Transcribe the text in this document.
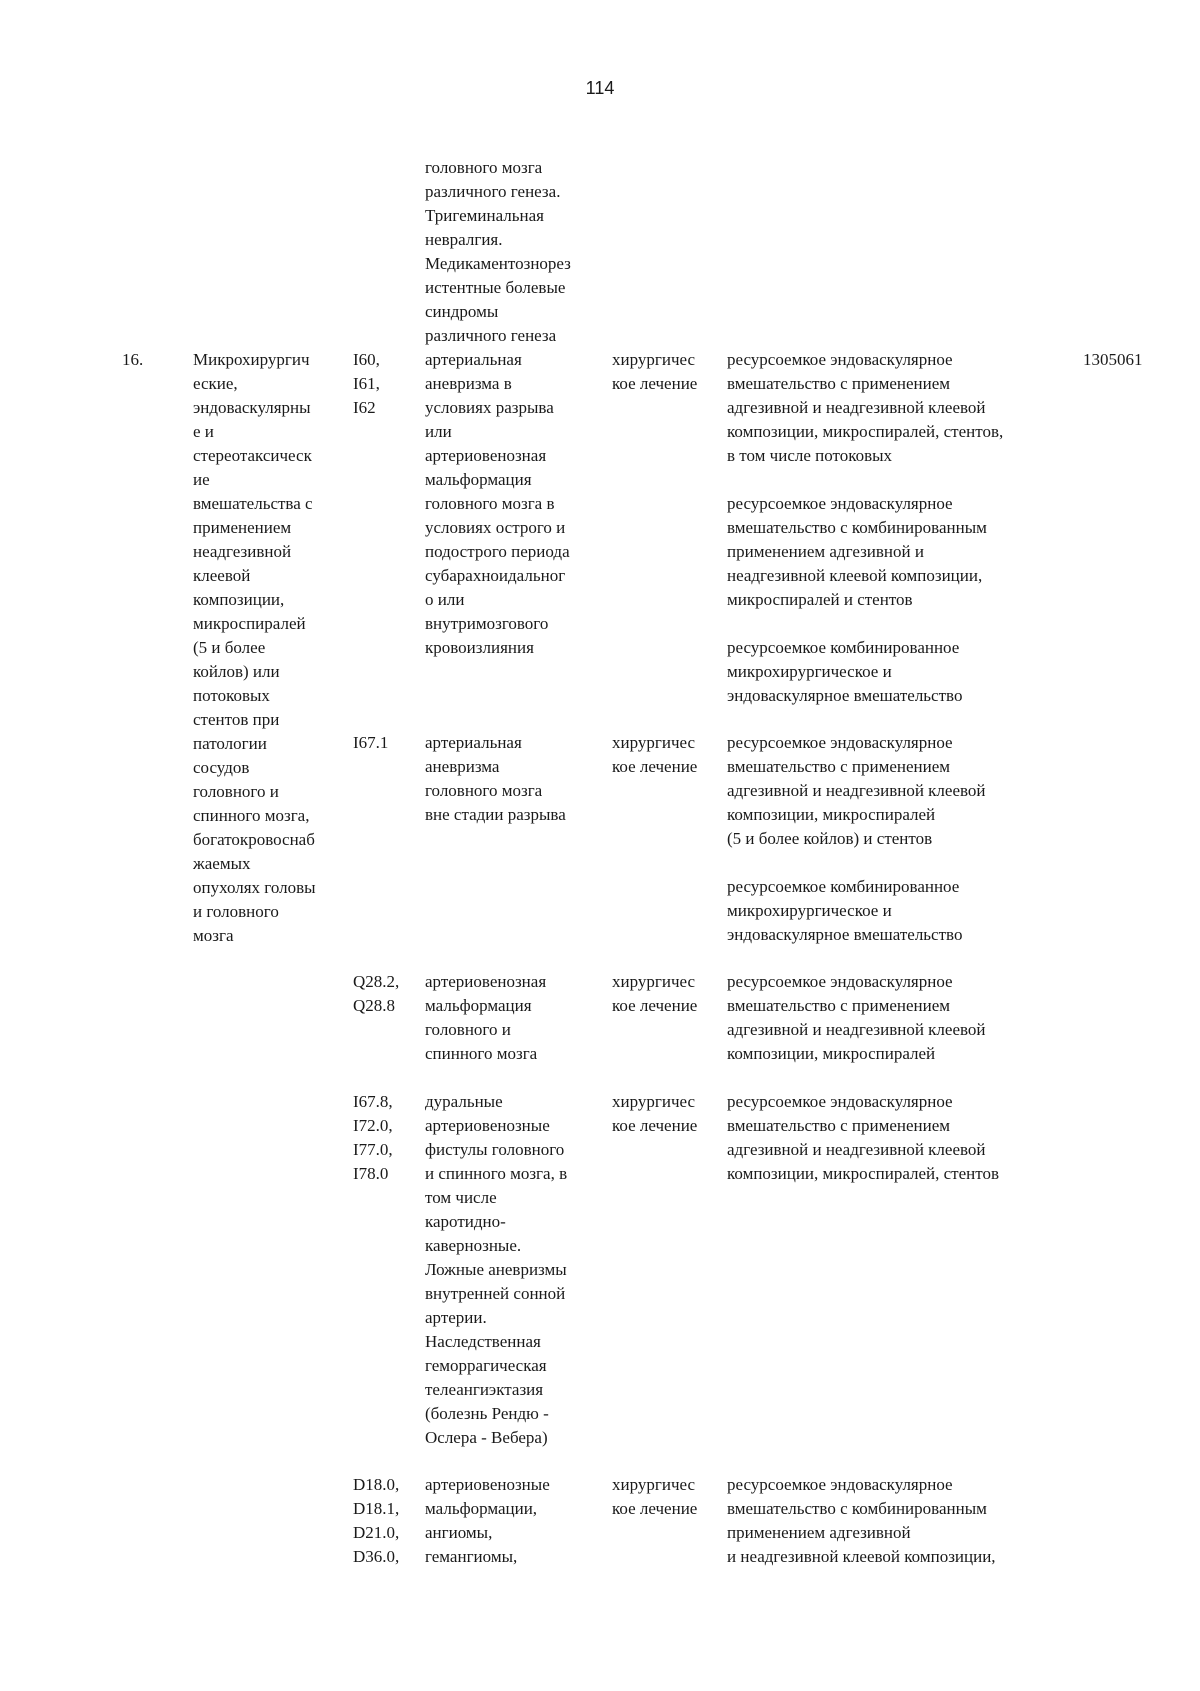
114
головного мозга
различного генеза.
Тригеминальная
невралгия.
Медикаментознорез
истентные болевые
синдромы
различного генеза
16.	Микрохирургич
еские,
эндоваскулярны
е и
стереотаксическ
ие
вмешательства с
применением
неадгезивной
клеевой
композиции,
микроспиралей
(5 и более
койлов) или
потоковых
стентов при
патологии
сосудов
головного и
спинного мозга,
богатокровоснаб
жаемых
опухолях головы
и головного
мозга
1305061
I60,
I61,
I62
артериальная
аневризма в
условиях разрыва
или
артериовенозная
мальформация
головного мозга в
условиях острого и
подострого периода
субарахноидальног
о или
внутримозгового
кровоизлияния
хирургичес
кое лечение
ресурсоемкое эндоваскулярное
вмешательство с применением
адгезивной и неадгезивной клеевой
композиции, микроспиралей, стентов,
в том числе потоковых
ресурсоемкое эндоваскулярное
вмешательство с комбинированным
применением адгезивной и
неадгезивной клеевой композиции,
микроспиралей и стентов
ресурсоемкое комбинированное
микрохирургическое и
эндоваскулярное вмешательство
I67.1	артериальная
аневризма
головного мозга
вне стадии разрыва
хирургичес
кое лечение
ресурсоемкое эндоваскулярное
вмешательство с применением
адгезивной и неадгезивной клеевой
композиции, микроспиралей
(5 и более койлов) и стентов
ресурсоемкое комбинированное
микрохирургическое и
эндоваскулярное вмешательство
Q28.2,
Q28.8
артериовенозная
мальформация
головного и
спинного мозга
хирургичес
кое лечение
ресурсоемкое эндоваскулярное
вмешательство с применением
адгезивной и неадгезивной клеевой
композиции, микроспиралей
I67.8,
I72.0,
I77.0,
I78.0
дуральные
артериовенозные
фистулы головного
и спинного мозга, в
том числе
каротидно-
кавернозные.
Ложные аневризмы
внутренней сонной
артерии.
Наследственная
геморрагическая
телеангиэктазия
(болезнь Рендю -
Ослера - Вебера)
хирургичес
кое лечение
ресурсоемкое эндоваскулярное
вмешательство с применением
адгезивной и неадгезивной клеевой
композиции, микроспиралей, стентов
D18.0,
D18.1,
D21.0,
D36.0,
артериовенозные
мальформации,
ангиомы,
гемангиомы,
хирургичес
кое лечение
ресурсоемкое эндоваскулярное
вмешательство с комбинированным
применением адгезивной
и неадгезивной клеевой композиции,
